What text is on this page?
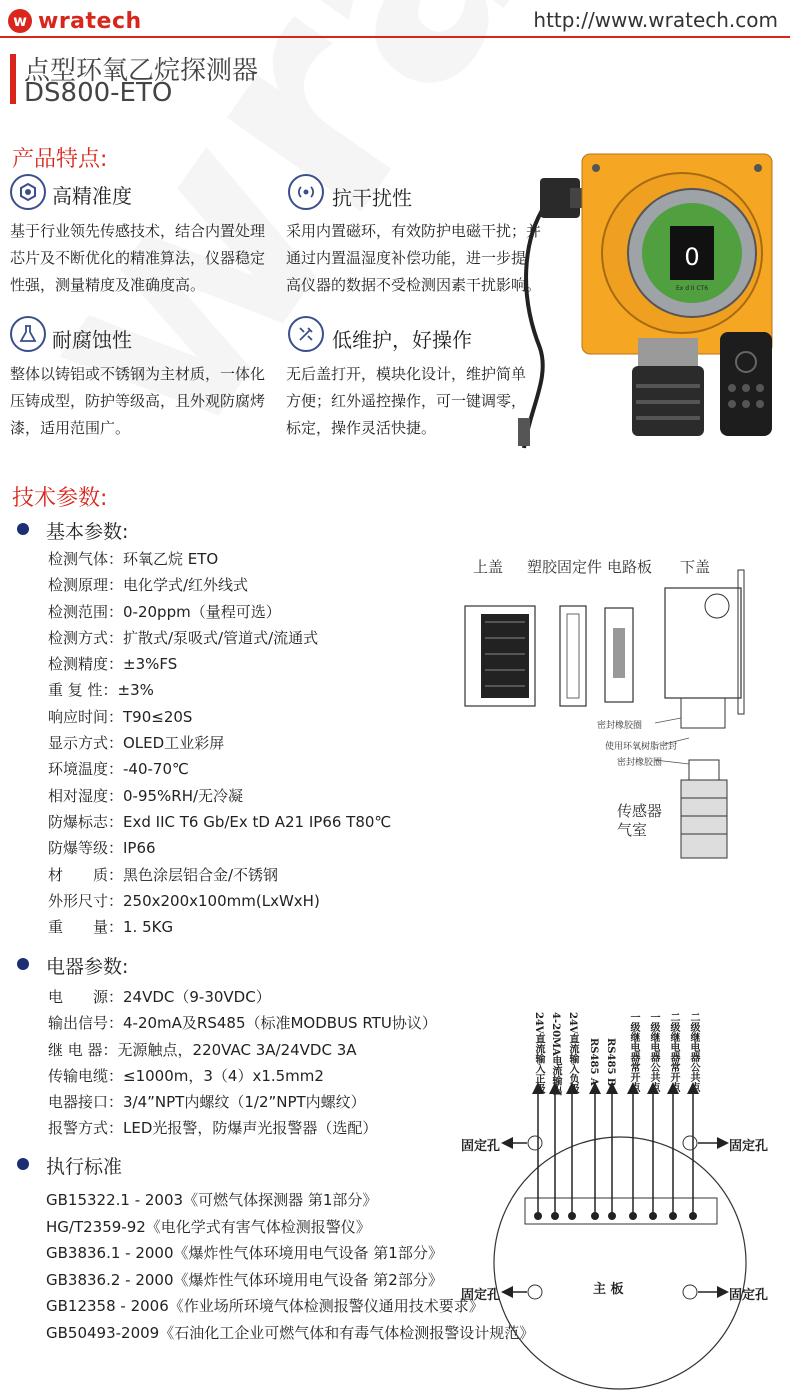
w wratech	http://www.wratech.com
点型环氧乙烷探测器
DS800-ETO
产品特点:
高精准度
基于行业领先传感技术，结合内置处理
芯片及不断优化的精准算法，仪器稳定
性强，测量精度及准确度高。
抗干扰性
采用内置磁环，有效防护电磁干扰；并
通过内置温湿度补偿功能，进一步提
高仪器的数据不受检测因素干扰影响。
耐腐蚀性
整体以铸铝或不锈钢为主材质，一体化
压铸成型，防护等级高，且外观防腐烤
漆，适用范围广。
低维护，好操作
无后盖打开，模块化设计，维护简单
方便；红外遥控操作，可一键调零，
标定，操作灵活快捷。
0
Ex d II CT6
技术参数:
基本参数:
检测气体：环氧乙烷 ETO
检测原理：电化学式/红外线式
检测范围：0-20ppm（量程可选）
检测方式：扩散式/泵吸式/管道式/流通式
检测精度：±3%FS
重 复 性：±3%
响应时间：T90≤20S
显示方式：OLED工业彩屏
环境温度：-40-70℃
相对湿度：0-95%RH/无冷凝
防爆标志：Exd IIC T6 Gb/Ex tD A21 IP66 T80℃
防爆等级：IP66
材　　质：黑色涂层铝合金/不锈钢
外形尺寸：250x200x100mm(LxWxH)
重　　量：1. 5KG
电器参数:
电　　源：24VDC（9-30VDC）
输出信号：4-20mA及RS485（标准MODBUS RTU协议）
继 电 器：无源触点，220VAC 3A/24VDC 3A
传输电缆：≤1000m，3（4）x1.5mm2
电器接口：3/4”NPT内螺纹（1/2”NPT内螺纹）
报警方式：LED光报警，防爆声光报警器（选配）
执行标准
GB15322.1 - 2003《可燃气体探测器 第1部分》
HG/T2359-92《电化学式有害气体检测报警仪》
GB3836.1 - 2000《爆炸性气体环境用电气设备 第1部分》
GB3836.2 - 2000《爆炸性气体环境用电气设备 第2部分》
GB12358 - 2006《作业场所环境气体检测报警仪通用技术要求》
GB50493-2009《石油化工企业可燃气体和有毒气体检测报警设计规范》
上盖 塑胶固定件 电路板 下盖
密封橡胶圈
使用环氧树脂密封
密封橡胶圈
传感器
气室
24V直流输入正极 4-20MA电流输出 24V直流输入负极 RS485 A RS485 B 一级继电器常开点 一级继电器公共点 二级继电器常开点 二级继电器公共点
固定孔	固定孔
固定孔	固定孔
主 板
